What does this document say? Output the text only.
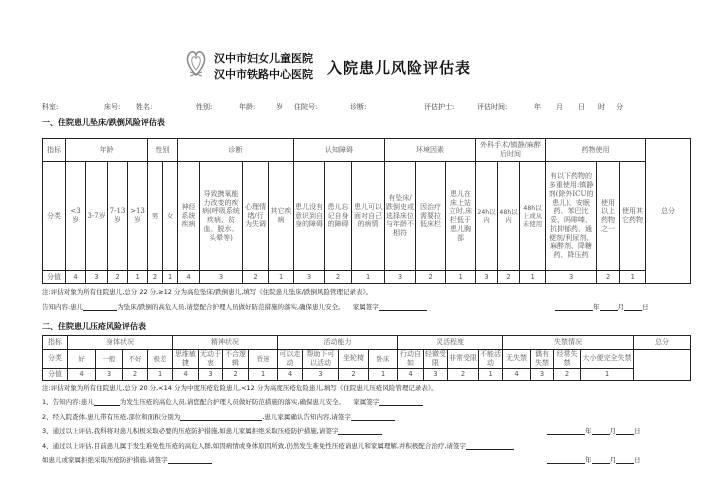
汉中市妇女儿童医院
汉中市铁路中心医院 入院患儿风险评估表
科室:	床号: 姓名:	性别:	年龄:	岁 住院号:	诊断:	评估护士:	评估时间:	年 月 日 时 分
一、住院患儿坠床/跌倒风险评估表
指标	年龄				性别		诊断				认知障碍			环境因素			外科手术/镇静/麻醉后时间			药物使用			总分
分类	<3岁	3-7岁	7-13岁	>13岁	男	女	神经系统疾病	导致携氧能力改变的疾病(呼吸系统疾病、贫血、脱水、头晕等)	心理情绪/行为失调	其它疾病	患儿没有意识到自身的障碍	患儿忘记自身的障碍	患儿可以面对自己的病情	有坠床/跌倒史或选择床位与年龄不相符	因治疗需要拉低床栏	患儿在床上站立时,床栏低于患儿胸部	24h以内	48h以内	48h以上或从未使用	有以下药物的多重使用:镇静剂(除外ICU的患儿)、安眠药、苯巴比妥、吗啡嗪、抗抑郁药、通便剂/利尿剂、麻醉剂、降糖药、降压药	使用以上药物之一	使用其它药物	
分值	4	3	2	1	2	1	4	3	2	1	3	2	1	3	2	1	3	2	1	3	2	1	
注:评估对象为所有住院患儿,总分 22 分,≥12 分为高危坠床/跌倒患儿,填写《住院患儿坠床/跌倒风险管理记录表》。
告知内容:患儿	为坠床/跌倒的高危人员,请您配合护理人员做好防范措施的落实,确保患儿安全。 家属签字	年	月	日
二、住院患儿压疮风险评估表
指标	身体状况				精神状况				活动能力				灵活程度				失禁情况				总分
分类	好	一般	不好	极差	思维敏捷	无动于衷	不合逻辑	昏迷	可以走动	帮助下可以活动	坐轮椅	卧床	行动自如	轻微受限	非常受限	不能活动	无失禁	偶有失禁	经常失禁	大小便完全失禁	
分值	4	3	2	1	4	3	2	1	4	3	2	1	4	3	2	1	4	3	2	1	
注:评估对象为所有住院患儿,总分 20 分,<14 分为中度压疮危险患儿,<12 分为高度压疮危险患儿,填写《住院患儿压疮风险管理记录表》。
1、告知内容:患儿	为发生压疮的高危人员,请您配合护理人员做好防范措施的落实,确保患儿安全。 家属签字
2、经入院查体,患儿带有压疮,部位和面积分别为	,患儿家属确认告知内容,请签字
3、通过以上评估,我科将对患儿积极采取必要的压疮防护措施,如患儿家属拒绝采取压疮防护措施,请签字	年	月	日
4、通过以上评估,目前患儿属于发生难免性压疮的高危人群,如因病情或身体原因所致,仍然发生难免性压疮请患儿和家属理解,并积极配合治疗,请签字
如患儿或家属拒绝采取压疮防护措施,请签字	年	月	日
